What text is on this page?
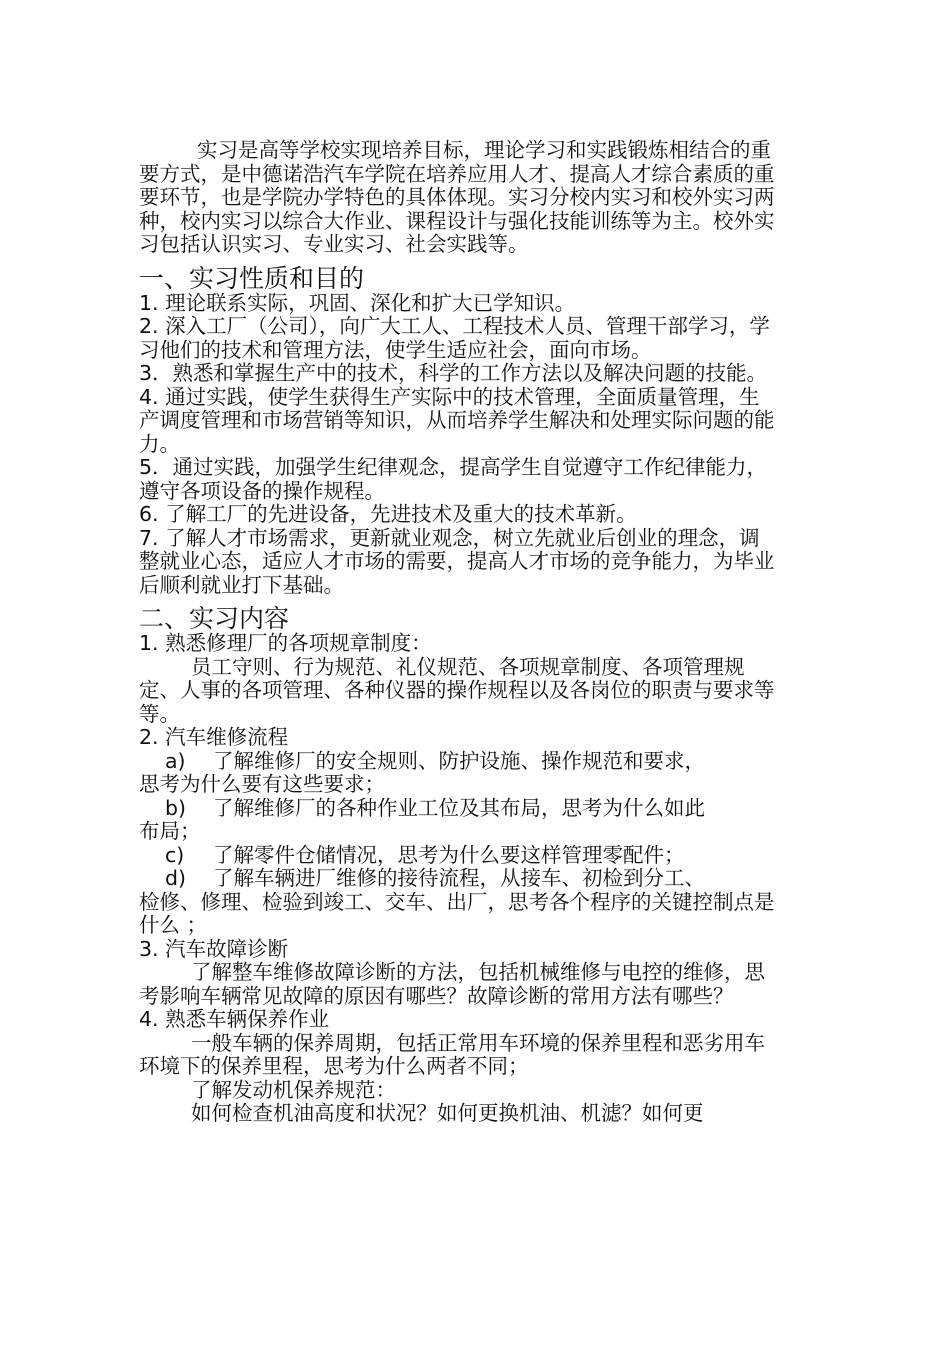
实习是高等学校实现培养目标，理论学习和实践锻炼相结合的重要方式，是中德诺浩汽车学院在培养应用人才、提高人才综合素质的重要环节，也是学院办学特色的具体体现。实习分校内实习和校外实习两种，校内实习以综合大作业、课程设计与强化技能训练等为主。校外实习包括认识实习、专业实习、社会实践等。

一、实习性质和目的

1. 理论联系实际，巩固、深化和扩大已学知识。

2. 深入工厂（公司），向广大工人、工程技术人员、管理干部学习，学习他们的技术和管理方法，使学生适应社会，面向市场。

3．熟悉和掌握生产中的技术，科学的工作方法以及解决问题的技能。

4. 通过实践，使学生获得生产实际中的技术管理，全面质量管理，生产调度管理和市场营销等知识，从而培养学生解决和处理实际问题的能力。

5．通过实践，加强学生纪律观念，提高学生自觉遵守工作纪律能力，遵守各项设备的操作规程。

6. 了解工厂的先进设备，先进技术及重大的技术革新。

7. 了解人才市场需求，更新就业观念，树立先就业后创业的理念，调整就业心态，适应人才市场的需要，提高人才市场的竞争能力，为毕业后顺利就业打下基础。

二、实习内容

1. 熟悉修理厂的各项规章制度：

员工守则、行为规范、礼仪规范、各项规章制度、各项管理规定、人事的各项管理、各种仪器的操作规程以及各岗位的职责与要求等等。

2. 汽车维修流程

a) 了解维修厂的安全规则、防护设施、操作规范和要求，
思考为什么要有这些要求；
b) 了解维修厂的各种作业工位及其布局，思考为什么如此
布局；
c) 了解零件仓储情况，思考为什么要这样管理零配件；
d) 了解车辆进厂维修的接待流程，从接车、初检到分工、
检修、修理、检验到竣工、交车、出厂，思考各个程序的关键控制点是什么 ；

3. 汽车故障诊断

了解整车维修故障诊断的方法，包括机械维修与电控的维修，思考影响车辆常见故障的原因有哪些？故障诊断的常用方法有哪些？

4. 熟悉车辆保养作业

一般车辆的保养周期，包括正常用车环境的保养里程和恶劣用车环境下的保养里程，思考为什么两者不同；

了解发动机保养规范：

如何检查机油高度和状况？如何更换机油、机滤？如何更
